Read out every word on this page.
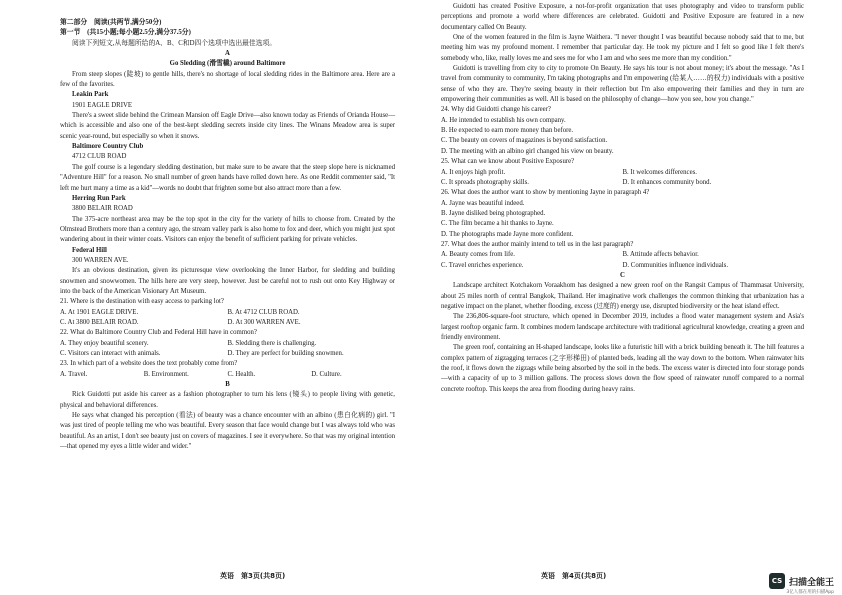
第二部分　阅读(共两节,满分50分)

第一节　(共15小题;每小题2.5分,满分37.5分)

阅读下列短文,从每题所给的A、B、C和D四个选项中选出最佳选项。

A

Go Sledding (滑雪橇) around Baltimore

From steep slopes (陡坡) to gentle hills, there's no shortage of local sledding rides in the Baltimore area. Here are a few of the favorites.

Leakin Park

1901 EAGLE DRIVE

There's a sweet slide behind the Crimean Mansion off Eagle Drive—also known today as Friends of Orianda House—which is accessible and also one of the best-kept sledding secrets inside city lines. The Winans Meadow area is super scenic year-round, but especially so when it snows.

Baltimore Country Club

4712 CLUB ROAD

The golf course is a legendary sledding destination, but make sure to be aware that the steep slope here is nicknamed "Adventure Hill" for a reason. No small number of green hands have rolled down here. As one Reddit commenter said, "It left me hurt many a time as a kid"—words no doubt that frighten some but also attract more than a few.

Herring Run Park

3800 BELAIR ROAD

The 375-acre northeast area may be the top spot in the city for the variety of hills to choose from. Created by the Olmstead Brothers more than a century ago, the stream valley park is also home to fox and deer, which you might just spot wandering about in their winter coats. Visitors can enjoy the benefit of sufficient parking for private vehicles.

Federal Hill

300 WARREN AVE.

It's an obvious destination, given its picturesque view overlooking the Inner Harbor, for sledding and building snowmen and snowwomen. The hills here are very steep, however. Just be careful not to rush out onto Key Highway or into the back of the American Visionary Art Museum.

21. Where is the destination with easy access to parking lot?

A. At 1901 EAGLE DRIVE.	B. At 4712 CLUB ROAD.
C. At 3800 BELAIR ROAD.	D. At 300 WARREN AVE.

22. What do Baltimore Country Club and Federal Hill have in common?

A. They enjoy beautiful scenery.	B. Sledding there is challenging.
C. Visitors can interact with animals.	D. They are perfect for building snowmen.

23. In which part of a website does the text probably come from?

A. Travel.	B. Environment.	C. Health.	D. Culture.

B

Rick Guidotti put aside his career as a fashion photographer to turn his lens (镜头) to people living with genetic, physical and behavioral differences.

He says what changed his perception (看法) of beauty was a chance encounter with an albino (患白化病的) girl. "I was just tired of people telling me who was beautiful. Every season that face would change but I was always told who was beautiful. As an artist, I don't see beauty just on covers of magazines. I see it everywhere. So that was my original intention—that opened my eyes a little wider and wider."

英语　第3页(共8页)

Guidotti has created Positive Exposure, a not-for-profit organization that uses photography and video to transform public perceptions and promote a world where differences are celebrated. Guidotti and Positive Exposure are featured in a new documentary called On Beauty.

One of the women featured in the film is Jayne Waithera. "I never thought I was beautiful because nobody said that to me, but meeting him was my profound moment. I remember that particular day. He took my picture and I felt so good like I felt there's somebody who, like, really loves me and sees me for who I am and who sees me more than my condition."

Guidotti is travelling from city to city to promote On Beauty. He says his tour is not about money; it's about the message. "As I travel from community to community, I'm taking photographs and I'm empowering (给某人……的权力) individuals with a positive sense of who they are. They're seeing beauty in their reflection but I'm also empowering their families and they in turn are empowering their communities as well. All is based on the philosophy of change—how you see, how you change."

24. Why did Guidotti change his career?

A. He intended to establish his own company.
B. He expected to earn more money than before.
C. The beauty on covers of magazines is beyond satisfaction.
D. The meeting with an albino girl changed his view on beauty.

25. What can we know about Positive Exposure?

A. It enjoys high profit.	B. It welcomes differences.
C. It spreads photography skills.	D. It enhances community bond.

26. What does the author want to show by mentioning Jayne in paragraph 4?

A. Jayne was beautiful indeed.
B. Jayne disliked being photographed.
C. The film became a hit thanks to Jayne.
D. The photographs made Jayne more confident.

27. What does the author mainly intend to tell us in the last paragraph?

A. Beauty comes from life.	B. Attitude affects behavior.
C. Travel enriches experience.	D. Communities influence individuals.

C

Landscape architect Kotchakorn Voraakhom has designed a new green roof on the Rangsit Campus of Thammasat University, about 25 miles north of central Bangkok, Thailand. Her imaginative work challenges the common thinking that urbanization has a negative impact on the planet, whether flooding, excess (过度的) energy use, disrupted biodiversity or the heat island effect.

The 236,806-square-foot structure, which opened in December 2019, includes a flood water management system and Asia's largest rooftop organic farm. It combines modern landscape architecture with traditional agricultural knowledge, creating a green and friendly environment.

The green roof, containing an H-shaped landscape, looks like a futuristic hill with a brick building beneath it. The hill features a complex pattern of zigzagging terraces (之字形梯田) of planted beds, leading all the way down to the bottom. When rainwater hits the roof, it flows down the zigzags while being absorbed by the soil in the beds. The excess water is directed into four storage ponds—with a capacity of up to 3 million gallons. The process slows down the flow speed of rainwater runoff compared to a normal concrete rooftop. This keeps the area from flooding during heavy rains.

英语　第4页(共8页)
CS 扫描全能王
3亿人都在用的扫描App
